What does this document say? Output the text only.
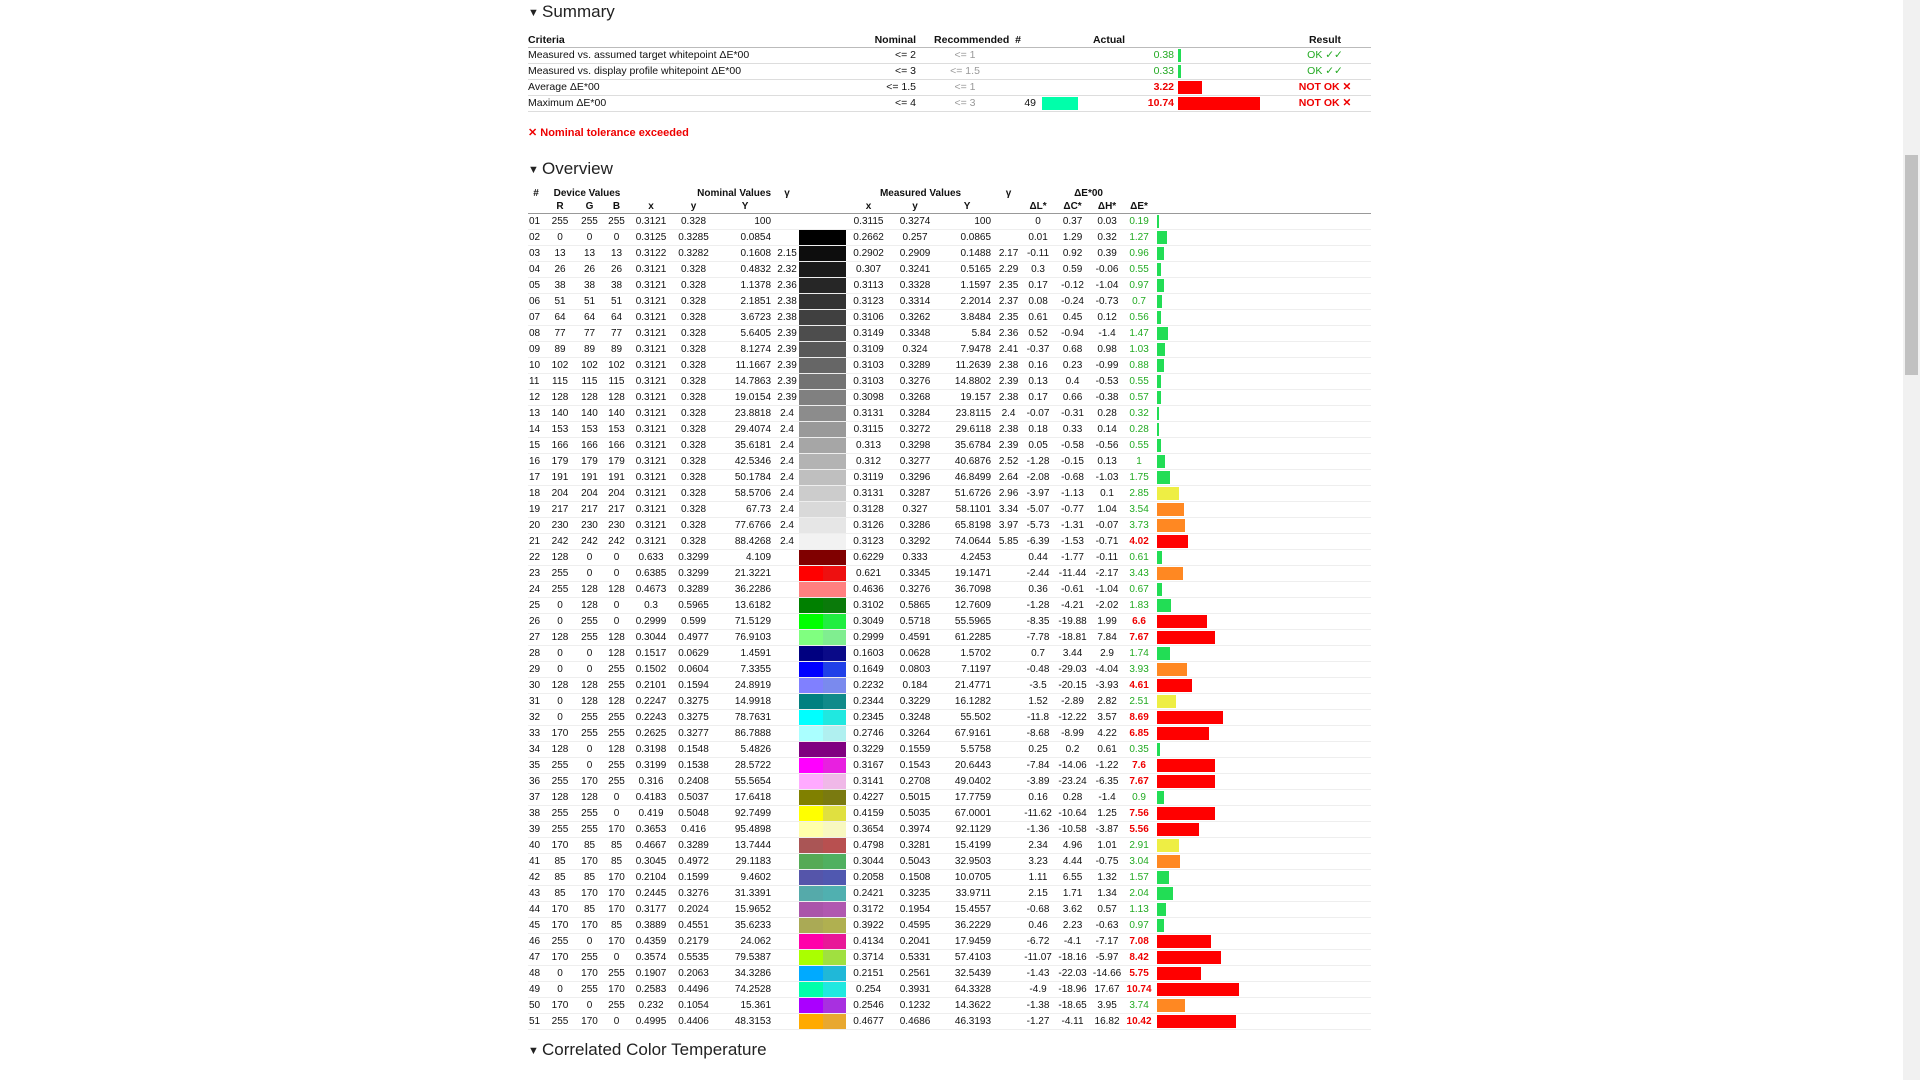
▼ Summary
Criteria	Nominal		Recommended	#	Actual			Result
Measured vs. assumed target whitepoint ΔE*00		<= 2	<= 1			0.38		OK ✓✓
Measured vs. display profile whitepoint ΔE*00		<= 3	<= 1.5			0.33		OK ✓✓
Average ΔE*00		<= 1.5	<= 1			3.22		NOT OK ✕
Maximum ΔE*00		<= 4	<= 3	49		10.74		NOT OK ✕
✕ Nominal tolerance exceeded
▼ Overview
#	Device Values			Nominal Values			γ		Measured Values			γ	ΔE*00				
	R	G	B	x	y	Y			x	y	Y		ΔL*	ΔC*	ΔH*	ΔE*	
01	255	255	255	0.3121	0.328	100			0.3115	0.3274	100		0	0.37	0.03	0.19	

02	0	0	0	0.3125	0.3285	0.0854			0.2662	0.257	0.0865		0.01	1.29	0.32	1.27	

03	13	13	13	0.3122	0.3282	0.1608	2.15		0.2902	0.2909	0.1488	2.17	-0.11	0.92	0.39	0.96	

04	26	26	26	0.3121	0.328	0.4832	2.32		0.307	0.3241	0.5165	2.29	0.3	0.59	-0.06	0.55	

05	38	38	38	0.3121	0.328	1.1378	2.36		0.3113	0.3328	1.1597	2.35	0.17	-0.12	-1.04	0.97	

06	51	51	51	0.3121	0.328	2.1851	2.38		0.3123	0.3314	2.2014	2.37	0.08	-0.24	-0.73	0.7	

07	64	64	64	0.3121	0.328	3.6723	2.38		0.3106	0.3262	3.8484	2.35	0.61	0.45	0.12	0.56	

08	77	77	77	0.3121	0.328	5.6405	2.39		0.3149	0.3348	5.84	2.36	0.52	-0.94	-1.4	1.47	

09	89	89	89	0.3121	0.328	8.1274	2.39		0.3109	0.324	7.9478	2.41	-0.37	0.68	0.98	1.03	

10	102	102	102	0.3121	0.328	11.1667	2.39		0.3103	0.3289	11.2639	2.38	0.16	0.23	-0.99	0.88	

11	115	115	115	0.3121	0.328	14.7863	2.39		0.3103	0.3276	14.8802	2.39	0.13	0.4	-0.53	0.55	

12	128	128	128	0.3121	0.328	19.0154	2.39		0.3098	0.3268	19.157	2.38	0.17	0.66	-0.38	0.57	

13	140	140	140	0.3121	0.328	23.8818	2.4		0.3131	0.3284	23.8115	2.4	-0.07	-0.31	0.28	0.32	

14	153	153	153	0.3121	0.328	29.4074	2.4		0.3115	0.3272	29.6118	2.38	0.18	0.33	0.14	0.28	

15	166	166	166	0.3121	0.328	35.6181	2.4		0.313	0.3298	35.6784	2.39	0.05	-0.58	-0.56	0.55	

16	179	179	179	0.3121	0.328	42.5346	2.4		0.312	0.3277	40.6876	2.52	-1.28	-0.15	0.13	1	

17	191	191	191	0.3121	0.328	50.1784	2.4		0.3119	0.3296	46.8499	2.64	-2.08	-0.68	-1.03	1.75	

18	204	204	204	0.3121	0.328	58.5706	2.4		0.3131	0.3287	51.6726	2.96	-3.97	-1.13	0.1	2.85	

19	217	217	217	0.3121	0.328	67.73	2.4		0.3128	0.327	58.1101	3.34	-5.07	-0.77	1.04	3.54	

20	230	230	230	0.3121	0.328	77.6766	2.4		0.3126	0.3286	65.8198	3.97	-5.73	-1.31	-0.07	3.73	

21	242	242	242	0.3121	0.328	88.4268	2.4		0.3123	0.3292	74.0644	5.85	-6.39	-1.53	-0.71	4.02	

22	128	0	0	0.633	0.3299	4.109			0.6229	0.333	4.2453		0.44	-1.77	-0.11	0.61	

23	255	0	0	0.6385	0.3299	21.3221			0.621	0.3345	19.1471		-2.44	-11.44	-2.17	3.43	

24	255	128	128	0.4673	0.3289	36.2286			0.4636	0.3276	36.7098		0.36	-0.61	-1.04	0.67	

25	0	128	0	0.3	0.5965	13.6182			0.3102	0.5865	12.7609		-1.28	-4.21	-2.02	1.83	

26	0	255	0	0.2999	0.599	71.5129			0.3049	0.5718	55.5965		-8.35	-19.88	1.99	6.6	

27	128	255	128	0.3044	0.4977	76.9103			0.2999	0.4591	61.2285		-7.78	-18.81	7.84	7.67	

28	0	0	128	0.1517	0.0629	1.4591			0.1603	0.0628	1.5702		0.7	3.44	2.9	1.74	

29	0	0	255	0.1502	0.0604	7.3355			0.1649	0.0803	7.1197		-0.48	-29.03	-4.04	3.93	

30	128	128	255	0.2101	0.1594	24.8919			0.2232	0.184	21.4771		-3.5	-20.15	-3.93	4.61	

31	0	128	128	0.2247	0.3275	14.9918			0.2344	0.3229	16.1282		1.52	-2.89	2.82	2.51	

32	0	255	255	0.2243	0.3275	78.7631			0.2345	0.3248	55.502		-11.8	-12.22	3.57	8.69	

33	170	255	255	0.2625	0.3277	86.7888			0.2746	0.3264	67.9161		-8.68	-8.99	4.22	6.85	

34	128	0	128	0.3198	0.1548	5.4826			0.3229	0.1559	5.5758		0.25	0.2	0.61	0.35	

35	255	0	255	0.3199	0.1538	28.5722			0.3167	0.1543	20.6443		-7.84	-14.06	-1.22	7.6	

36	255	170	255	0.316	0.2408	55.5654			0.3141	0.2708	49.0402		-3.89	-23.24	-6.35	7.67	

37	128	128	0	0.4183	0.5037	17.6418			0.4227	0.5015	17.7759		0.16	0.28	-1.4	0.9	

38	255	255	0	0.419	0.5048	92.7499			0.4159	0.5035	67.0001		-11.62	-10.64	1.25	7.56	

39	255	255	170	0.3653	0.416	95.4898			0.3654	0.3974	92.1129		-1.36	-10.58	-3.87	5.56	

40	170	85	85	0.4667	0.3289	13.7444			0.4798	0.3281	15.4199		2.34	4.96	1.01	2.91	

41	85	170	85	0.3045	0.4972	29.1183			0.3044	0.5043	32.9503		3.23	4.44	-0.75	3.04	

42	85	85	170	0.2104	0.1599	9.4602			0.2058	0.1508	10.0705		1.11	6.55	1.32	1.57	

43	85	170	170	0.2445	0.3276	31.3391			0.2421	0.3235	33.9711		2.15	1.71	1.34	2.04	

44	170	85	170	0.3177	0.2024	15.9652			0.3172	0.1954	15.4557		-0.68	3.62	0.57	1.13	

45	170	170	85	0.3889	0.4551	35.6233			0.3922	0.4595	36.2229		0.46	2.23	-0.63	0.97	

46	255	0	170	0.4359	0.2179	24.062			0.4134	0.2041	17.9459		-6.72	-4.1	-7.17	7.08	

47	170	255	0	0.3574	0.5535	79.5387			0.3714	0.5331	57.4103		-11.07	-18.16	-5.97	8.42	

48	0	170	255	0.1907	0.2063	34.3286			0.2151	0.2561	32.5439		-1.43	-22.03	-14.66	5.75	

49	0	255	170	0.2583	0.4496	74.2528			0.254	0.3931	64.3328		-4.9	-18.96	17.67	10.74	

50	170	0	255	0.232	0.1054	15.361			0.2546	0.1232	14.3622		-1.38	-18.65	3.95	3.74	

51	255	170	0	0.4995	0.4406	48.3153			0.4677	0.4686	46.3193		-1.27	-4.11	16.82	10.42	
▼ Correlated Color Temperature
